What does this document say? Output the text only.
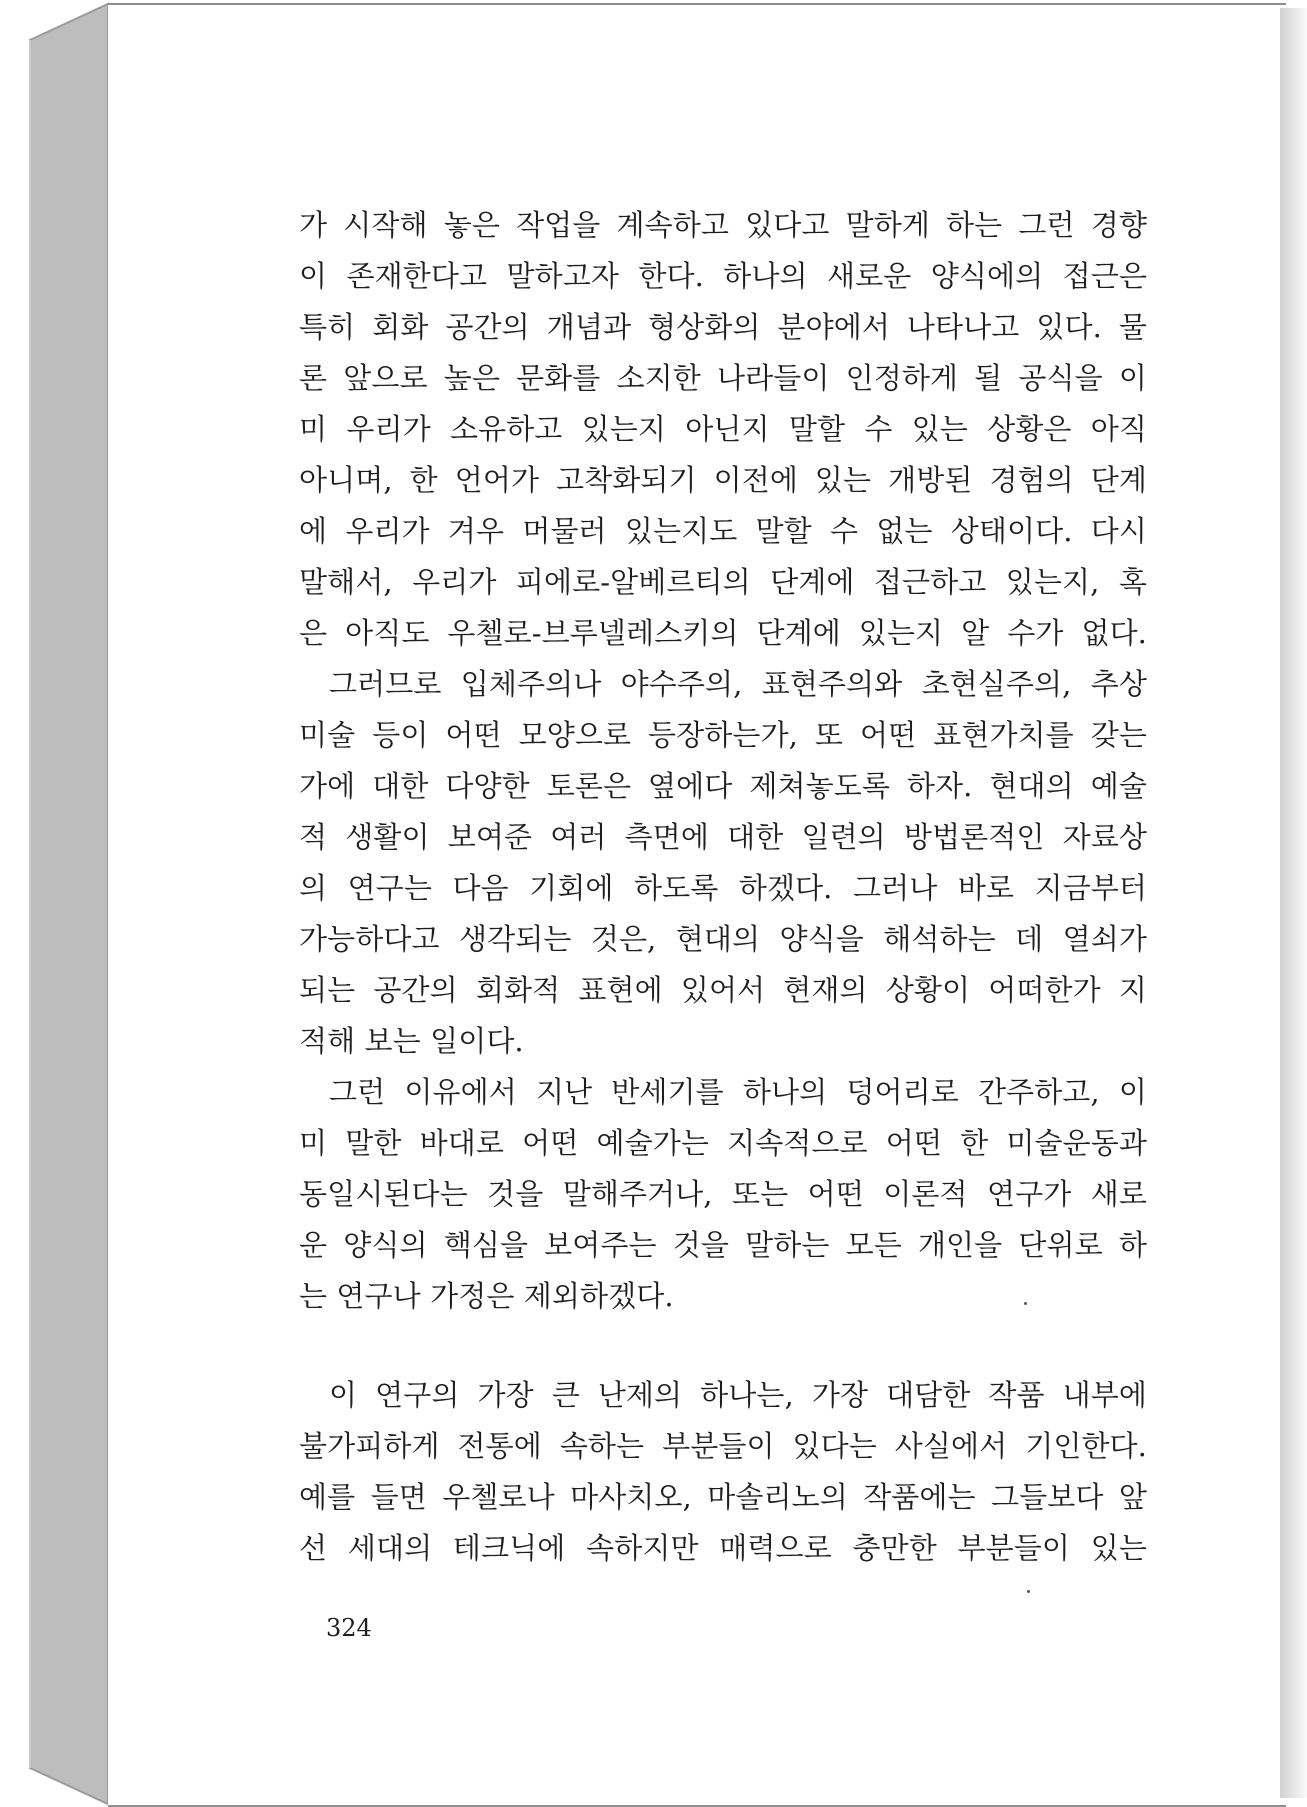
가 시작해 놓은 작업을 계속하고 있다고 말하게 하는 그런 경향
이 존재한다고 말하고자 한다. 하나의 새로운 양식에의 접근은
특히 회화 공간의 개념과 형상화의 분야에서 나타나고 있다. 물
론 앞으로 높은 문화를 소지한 나라들이 인정하게 될 공식을 이
미 우리가 소유하고 있는지 아닌지 말할 수 있는 상황은 아직
아니며, 한 언어가 고착화되기 이전에 있는 개방된 경험의 단계
에 우리가 겨우 머물러 있는지도 말할 수 없는 상태이다. 다시
말해서, 우리가 피에로-알베르티의 단계에 접근하고 있는지, 혹
은 아직도 우첼로-브루넬레스키의 단계에 있는지 알 수가 없다.
그러므로 입체주의나 야수주의, 표현주의와 초현실주의, 추상
미술 등이 어떤 모양으로 등장하는가, 또 어떤 표현가치를 갖는
가에 대한 다양한 토론은 옆에다 제쳐놓도록 하자. 현대의 예술
적 생활이 보여준 여러 측면에 대한 일련의 방법론적인 자료상
의 연구는 다음 기회에 하도록 하겠다. 그러나 바로 지금부터
가능하다고 생각되는 것은, 현대의 양식을 해석하는 데 열쇠가
되는 공간의 회화적 표현에 있어서 현재의 상황이 어떠한가 지
적해 보는 일이다.
그런 이유에서 지난 반세기를 하나의 덩어리로 간주하고, 이
미 말한 바대로 어떤 예술가는 지속적으로 어떤 한 미술운동과
동일시된다는 것을 말해주거나, 또는 어떤 이론적 연구가 새로
운 양식의 핵심을 보여주는 것을 말하는 모든 개인을 단위로 하
는 연구나 가정은 제외하겠다.
이 연구의 가장 큰 난제의 하나는, 가장 대담한 작품 내부에
불가피하게 전통에 속하는 부분들이 있다는 사실에서 기인한다.
예를 들면 우첼로나 마사치오, 마솔리노의 작품에는 그들보다 앞
선 세대의 테크닉에 속하지만 매력으로 충만한 부분들이 있는
324
